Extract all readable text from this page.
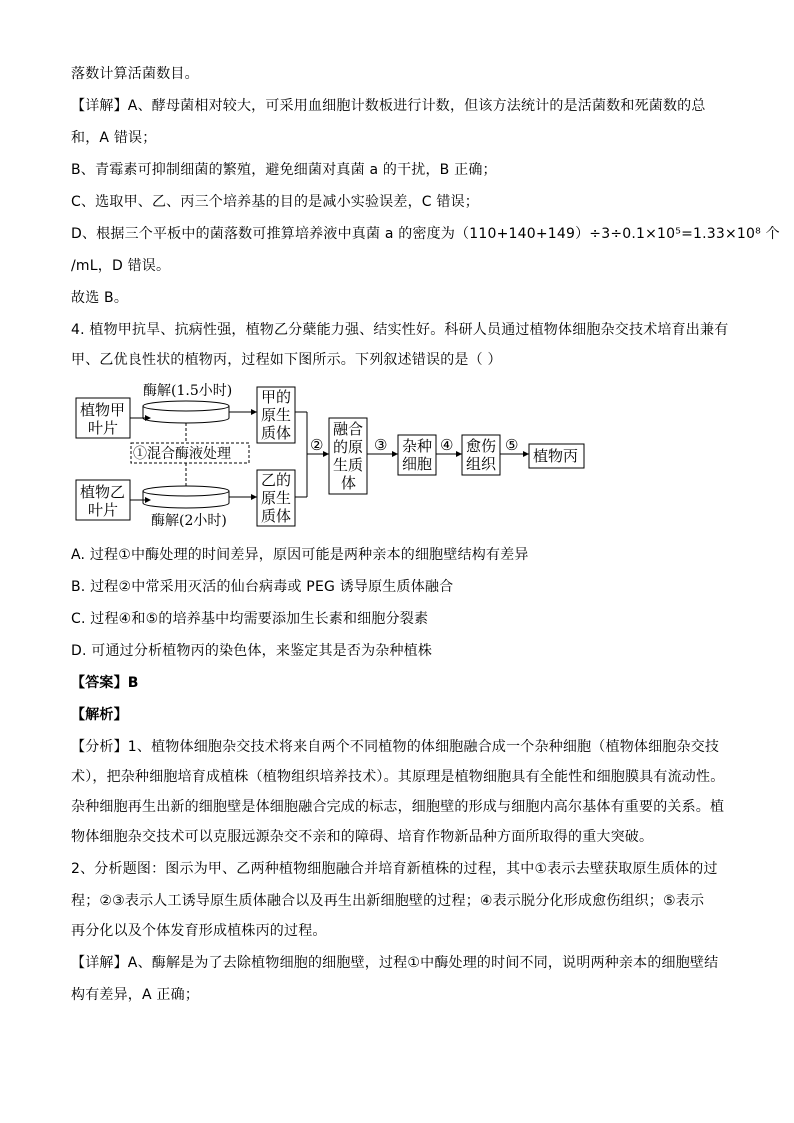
落数计算活菌数目。
【详解】A、酵母菌相对较大，可采用血细胞计数板进行计数，但该方法统计的是活菌数和死菌数的总
和，A 错误；
B、青霉素可抑制细菌的繁殖，避免细菌对真菌 a 的干扰，B 正确；
C、选取甲、乙、丙三个培养基的目的是减小实验误差，C 错误；
D、根据三个平板中的菌落数可推算培养液中真菌 a 的密度为（110+140+149）÷3÷0.1×10⁵=1.33×10⁸ 个
/mL，D 错误。
故选 B。
4. 植物甲抗旱、抗病性强，植物乙分蘖能力强、结实性好。科研人员通过植物体细胞杂交技术培育出兼有
甲、乙优良性状的植物丙，过程如下图所示。下列叙述错误的是（ ）
植物甲
叶片
植物乙
叶片
酶解(1.5小时)
酶解(2小时)
①混合酶液处理
甲的
原生
质体
乙的
原生
质体
②
融合
的原
生质
体
③ 杂种
细胞
④ 愈伤
组织
⑤
植物丙
A. 过程①中酶处理的时间差异，原因可能是两种亲本的细胞壁结构有差异
B. 过程②中常采用灭活的仙台病毒或 PEG 诱导原生质体融合
C. 过程④和⑤的培养基中均需要添加生长素和细胞分裂素
D. 可通过分析植物丙的染色体，来鉴定其是否为杂种植株
【答案】B
【解析】
【分析】1、植物体细胞杂交技术将来自两个不同植物的体细胞融合成一个杂种细胞（植物体细胞杂交技
术），把杂种细胞培育成植株（植物组织培养技术）。其原理是植物细胞具有全能性和细胞膜具有流动性。
杂种细胞再生出新的细胞壁是体细胞融合完成的标志，细胞壁的形成与细胞内高尔基体有重要的关系。植
物体细胞杂交技术可以克服远源杂交不亲和的障碍、培育作物新品种方面所取得的重大突破。
2、分析题图：图示为甲、乙两种植物细胞融合并培育新植株的过程，其中①表示去壁获取原生质体的过
程；②③表示人工诱导原生质体融合以及再生出新细胞壁的过程；④表示脱分化形成愈伤组织；⑤表示
再分化以及个体发育形成植株丙的过程。
【详解】A、酶解是为了去除植物细胞的细胞壁，过程①中酶处理的时间不同，说明两种亲本的细胞壁结
构有差异，A 正确；
